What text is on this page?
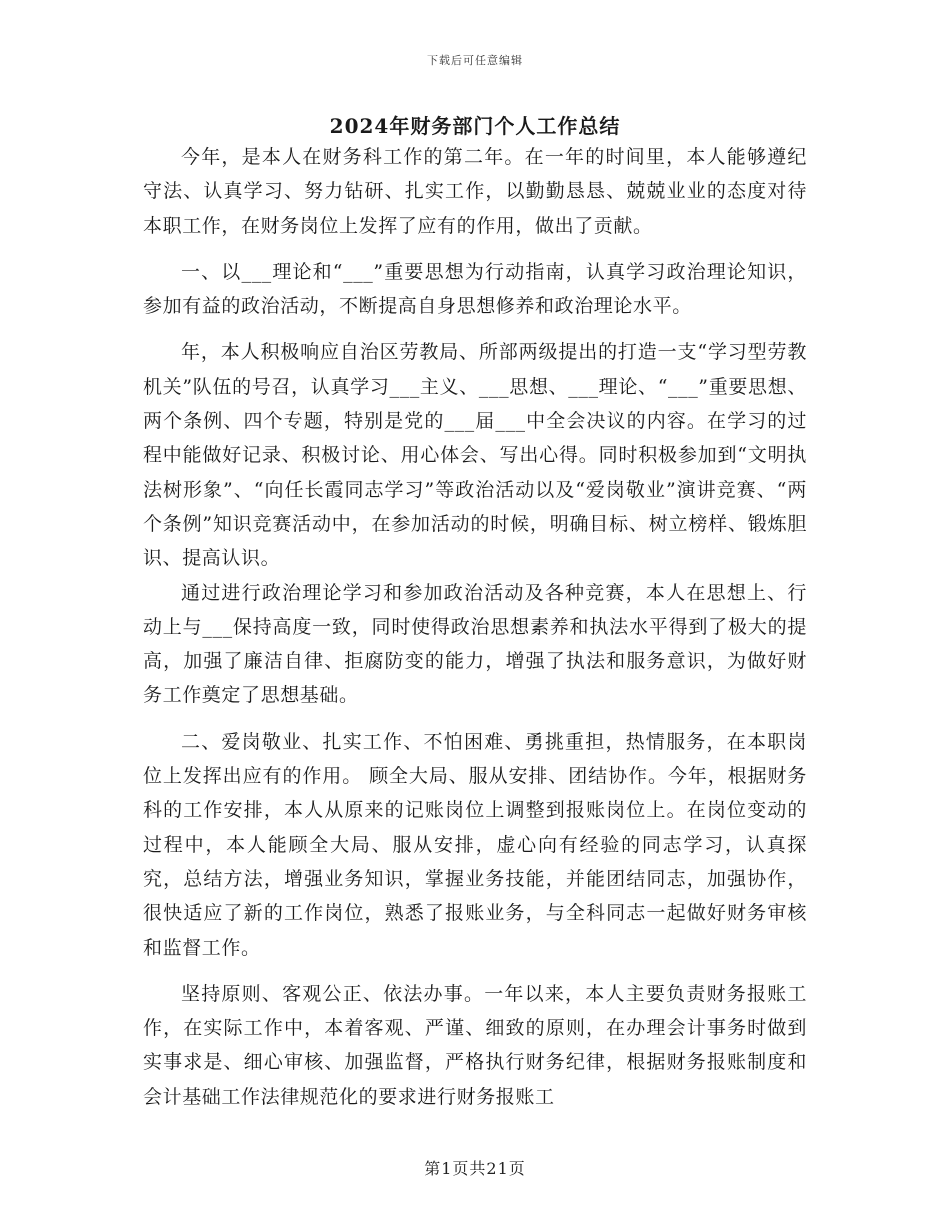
下载后可任意编辑
2024年财务部门个人工作总结

今年，是本人在财务科工作的第二年。在一年的时间里，本人能够遵纪守法、认真学习、努力钻研、扎实工作，以勤勤恳恳、兢兢业业的态度对待本职工作，在财务岗位上发挥了应有的作用，做出了贡献。

一、以___理论和“___”重要思想为行动指南，认真学习政治理论知识，参加有益的政治活动，不断提高自身思想修养和政治理论水平。

年，本人积极响应自治区劳教局、所部两级提出的打造一支“学习型劳教机关”队伍的号召，认真学习___主义、___思想、___理论、“___”重要思想、两个条例、四个专题，特别是党的___届___中全会决议的内容。在学习的过程中能做好记录、积极讨论、用心体会、写出心得。同时积极参加到“文明执法树形象”、“向任长霞同志学习”等政治活动以及“爱岗敬业”演讲竞赛、“两个条例”知识竞赛活动中，在参加活动的时候，明确目标、树立榜样、锻炼胆识、提高认识。

通过进行政治理论学习和参加政治活动及各种竞赛，本人在思想上、行动上与___保持高度一致，同时使得政治思想素养和执法水平得到了极大的提高，加强了廉洁自律、拒腐防变的能力，增强了执法和服务意识，为做好财务工作奠定了思想基础。

二、爱岗敬业、扎实工作、不怕困难、勇挑重担，热情服务，在本职岗位上发挥出应有的作用。 顾全大局、服从安排、团结协作。今年，根据财务科的工作安排，本人从原来的记账岗位上调整到报账岗位上。在岗位变动的过程中，本人能顾全大局、服从安排，虚心向有经验的同志学习，认真探究，总结方法，增强业务知识，掌握业务技能，并能团结同志，加强协作，很快适应了新的工作岗位，熟悉了报账业务，与全科同志一起做好财务审核和监督工作。

坚持原则、客观公正、依法办事。一年以来，本人主要负责财务报账工作，在实际工作中，本着客观、严谨、细致的原则，在办理会计事务时做到实事求是、细心审核、加强监督，严格执行财务纪律，根据财务报账制度和会计基础工作法律规范化的要求进行财务报账工

第1页共21页
